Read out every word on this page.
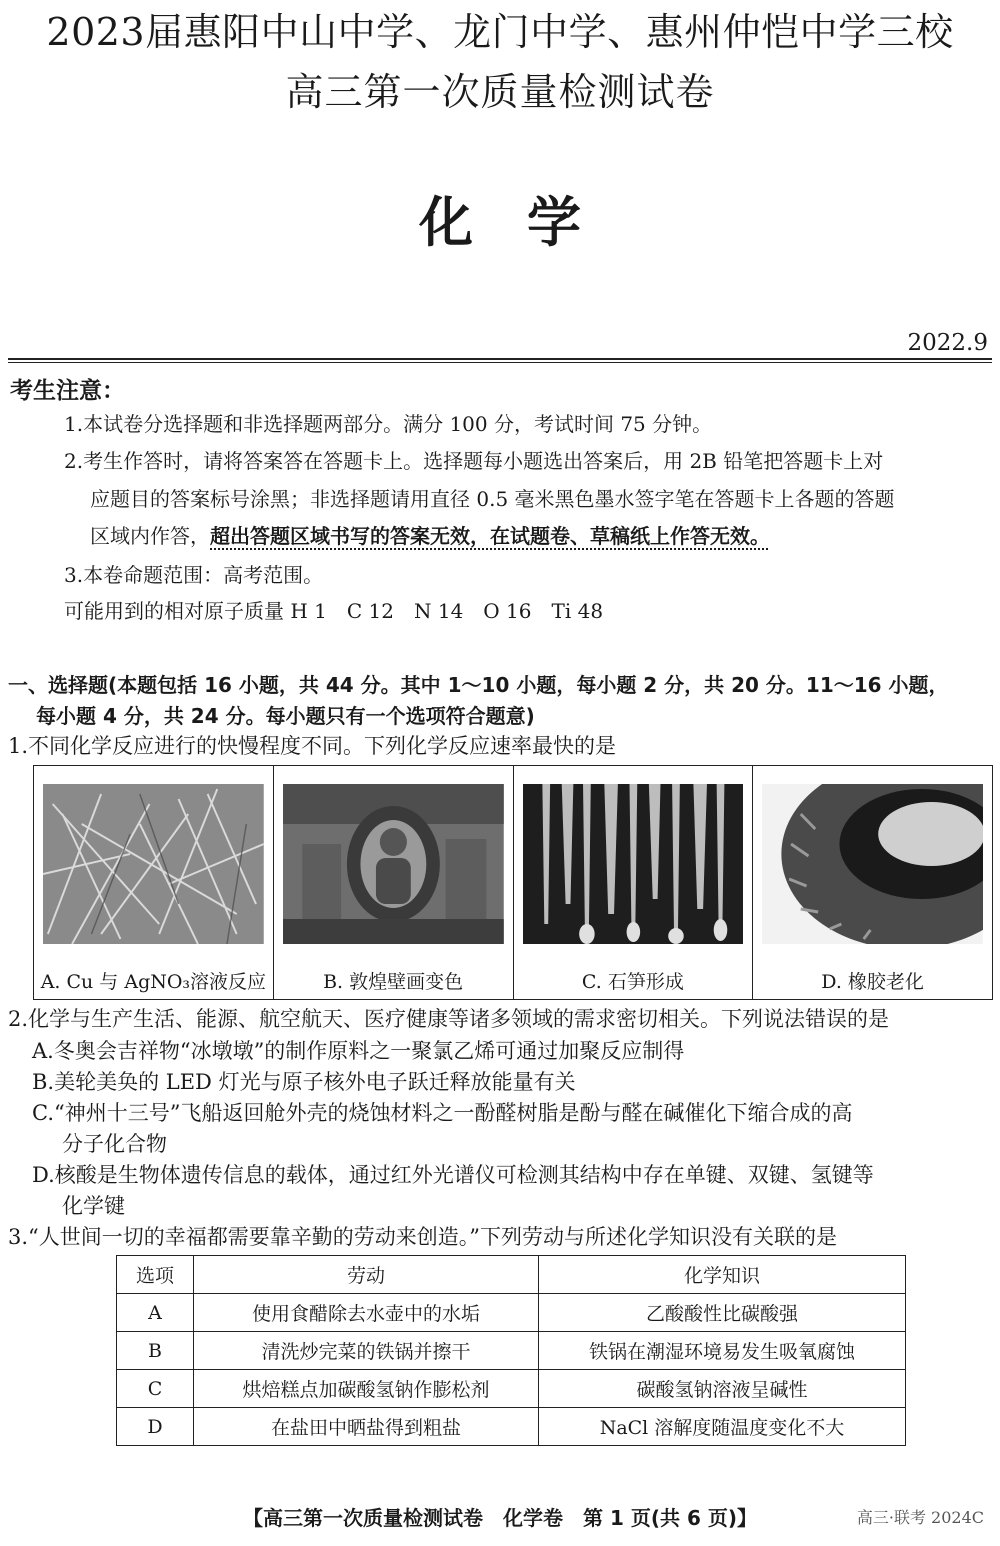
2023届惠阳中山中学、龙门中学、惠州仲恺中学三校
高三第一次质量检测试卷
化学
2022.9
考生注意：
1.本试卷分选择题和非选择题两部分。满分 100 分，考试时间 75 分钟。
2.考生作答时，请将答案答在答题卡上。选择题每小题选出答案后，用 2B 铅笔把答题卡上对
应题目的答案标号涂黑；非选择题请用直径 0.5 毫米黑色墨水签字笔在答题卡上各题的答题
区域内作答，超出答题区域书写的答案无效，在试题卷、草稿纸上作答无效。
3.本卷命题范围：高考范围。
可能用到的相对原子质量 H 1　C 12　N 14　O 16　Ti 48
一、选择题(本题包括 16 小题，共 44 分。其中 1～10 小题，每小题 2 分，共 20 分。11～16 小题，
每小题 4 分，共 24 分。每小题只有一个选项符合题意)
1.不同化学反应进行的快慢程度不同。下列化学反应速率最快的是
A. Cu 与 AgNO₃溶液反应	B. 敦煌壁画变色	C. 石笋形成	D. 橡胶老化
2.化学与生产生活、能源、航空航天、医疗健康等诸多领域的需求密切相关。下列说法错误的是
A.冬奥会吉祥物“冰墩墩”的制作原料之一聚氯乙烯可通过加聚反应制得
B.美轮美奂的 LED 灯光与原子核外电子跃迁释放能量有关
C.“神州十三号”飞船返回舱外壳的烧蚀材料之一酚醛树脂是酚与醛在碱催化下缩合成的高
分子化合物
D.核酸是生物体遗传信息的载体，通过红外光谱仪可检测其结构中存在单键、双键、氢键等
化学键
3.“人世间一切的幸福都需要靠辛勤的劳动来创造。”下列劳动与所述化学知识没有关联的是
选项	劳动	化学知识
A	使用食醋除去水壶中的水垢	乙酸酸性比碳酸强
B	清洗炒完菜的铁锅并擦干	铁锅在潮湿环境易发生吸氧腐蚀
C	烘焙糕点加碳酸氢钠作膨松剂	碳酸氢钠溶液呈碱性
D	在盐田中晒盐得到粗盐	NaCl 溶解度随温度变化不大
【高三第一次质量检测试卷　化学卷　第 1 页(共 6 页)】	高三·联考 2024C
